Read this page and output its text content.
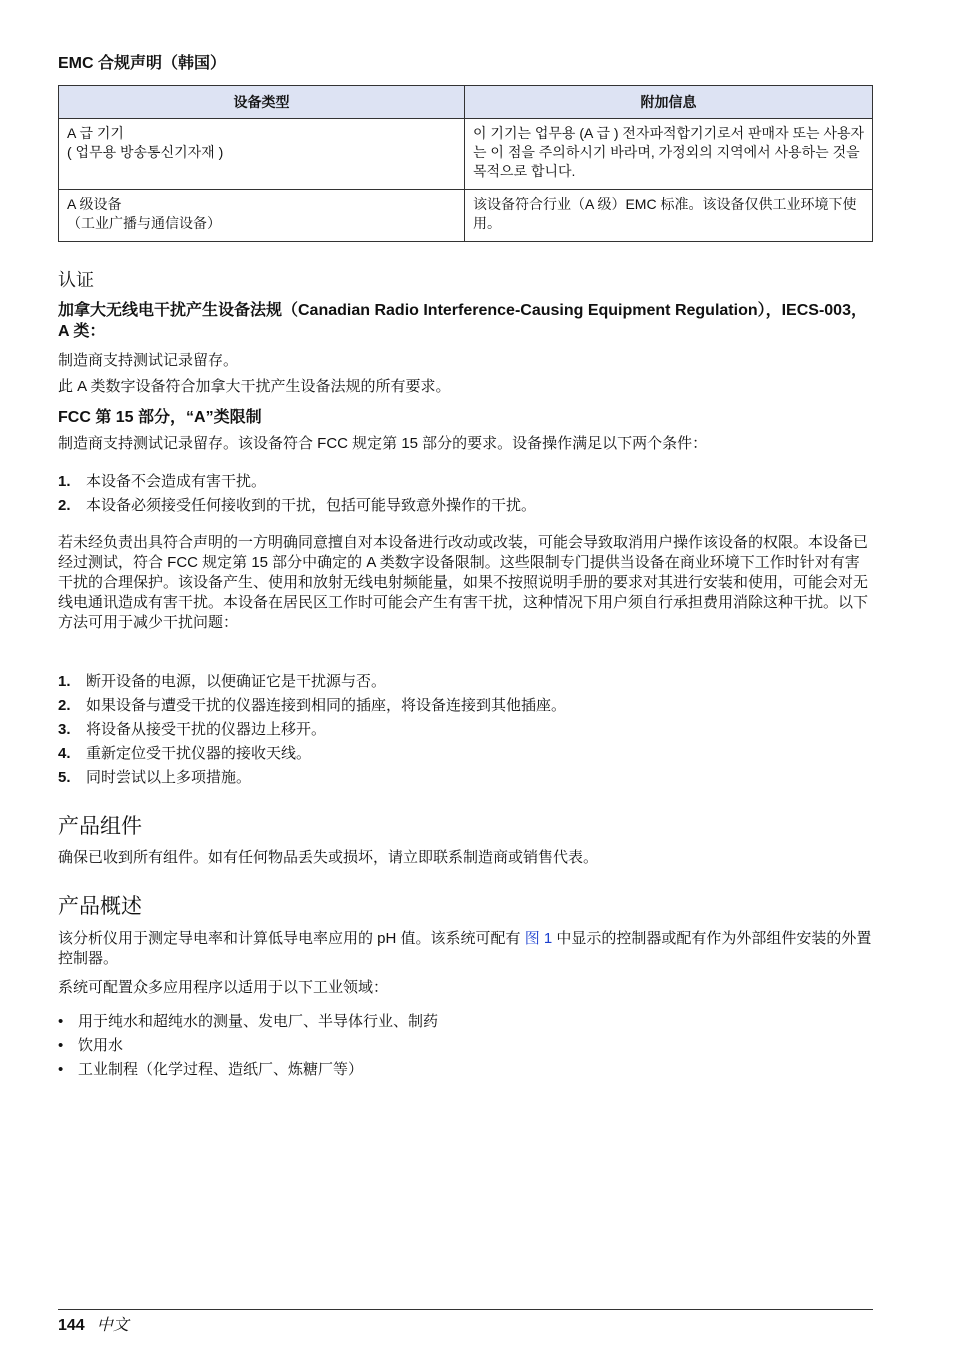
EMC 合规声明（韩国）
设备类型	附加信息

A 급 기기
( 업무용 방송통신기자재 )	이 기기는 업무용 (A 급 ) 전자파적합기기로서 판매자 또는 사용자는 이 점을 주의하시기 바라며, 가정외의 지역에서 사용하는 것을 목적으로 합니다.

A 级设备
（工业广播与通信设备）	该设备符合行业（A 级）EMC 标准。该设备仅供工业环境下使用。
认证
加拿大无线电干扰产生设备法规（Canadian Radio Interference-Causing Equipment Regulation），IECS-003，A 类：
制造商支持测试记录留存。
此 A 类数字设备符合加拿大干扰产生设备法规的所有要求。
FCC 第 15 部分，“A”类限制
制造商支持测试记录留存。该设备符合 FCC 规定第 15 部分的要求。设备操作满足以下两个条件：
1. 本设备不会造成有害干扰。
2. 本设备必须接受任何接收到的干扰，包括可能导致意外操作的干扰。
若未经负责出具符合声明的一方明确同意擅自对本设备进行改动或改装，可能会导致取消用户操作该设备的权限。本设备已经过测试，符合 FCC 规定第 15 部分中确定的 A 类数字设备限制。这些限制专门提供当设备在商业环境下工作时针对有害干扰的合理保护。该设备产生、使用和放射无线电射频能量，如果不按照说明手册的要求对其进行安装和使用，可能会对无线电通讯造成有害干扰。本设备在居民区工作时可能会产生有害干扰，这种情况下用户须自行承担费用消除这种干扰。以下方法可用于减少干扰问题：
1. 断开设备的电源，以便确证它是干扰源与否。
2. 如果设备与遭受干扰的仪器连接到相同的插座，将设备连接到其他插座。
3. 将设备从接受干扰的仪器边上移开。
4. 重新定位受干扰仪器的接收天线。
5. 同时尝试以上多项措施。
产品组件
确保已收到所有组件。如有任何物品丢失或损坏，请立即联系制造商或销售代表。
产品概述
该分析仪用于测定导电率和计算低导电率应用的 pH 值。该系统可配有 图 1 中显示的控制器或配有作为外部组件安装的外置控制器。
系统可配置众多应用程序以适用于以下工业领域：
• 用于纯水和超纯水的测量、发电厂、半导体行业、制药
• 饮用水
• 工业制程（化学过程、造纸厂、炼糖厂等）
144 中文
